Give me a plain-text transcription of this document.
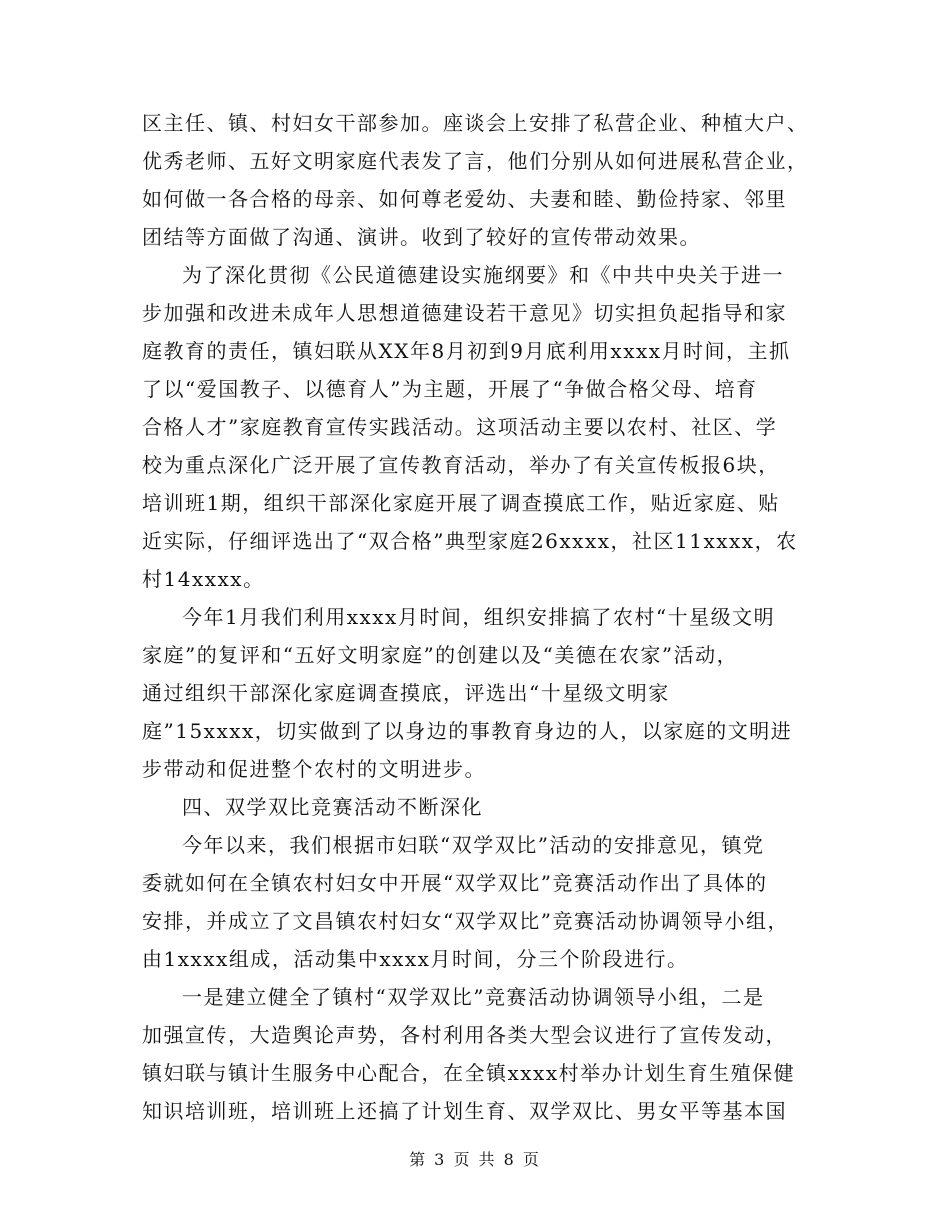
区主任、镇、村妇女干部参加。座谈会上安排了私营企业、种植大户、
优秀老师、五好文明家庭代表发了言，他们分别从如何进展私营企业，
如何做一各合格的母亲、如何尊老爱幼、夫妻和睦、勤俭持家、邻里
团结等方面做了沟通、演讲。收到了较好的宣传带动效果。
为了深化贯彻《公民道德建设实施纲要》和《中共中央关于进一
步加强和改进未成年人思想道德建设若干意见》切实担负起指导和家
庭教育的责任，镇妇联从XX年8月初到9月底利用xxxx月时间，主抓
了以“爱国教子、以德育人”为主题，开展了“争做合格父母、培育
合格人才”家庭教育宣传实践活动。这项活动主要以农村、社区、学
校为重点深化广泛开展了宣传教育活动，举办了有关宣传板报6块，
培训班1期，组织干部深化家庭开展了调查摸底工作，贴近家庭、贴
近实际，仔细评选出了“双合格”典型家庭26xxxx，社区11xxxx，农
村14xxxx。
今年1月我们利用xxxx月时间，组织安排搞了农村“十星级文明
家庭”的复评和“五好文明家庭”的创建以及“美德在农家”活动，
通过组织干部深化家庭调查摸底，评选出“十星级文明家
庭”15xxxx，切实做到了以身边的事教育身边的人，以家庭的文明进
步带动和促进整个农村的文明进步。
四、双学双比竞赛活动不断深化
今年以来，我们根据市妇联“双学双比”活动的安排意见，镇党
委就如何在全镇农村妇女中开展“双学双比”竞赛活动作出了具体的
安排，并成立了文昌镇农村妇女“双学双比”竞赛活动协调领导小组，
由1xxxx组成，活动集中xxxx月时间，分三个阶段进行。
一是建立健全了镇村“双学双比”竞赛活动协调领导小组，二是
加强宣传，大造舆论声势，各村利用各类大型会议进行了宣传发动，
镇妇联与镇计生服务中心配合，在全镇xxxx村举办计划生育生殖保健
知识培训班，培训班上还搞了计划生育、双学双比、男女平等基本国
第 3 页 共 8 页
